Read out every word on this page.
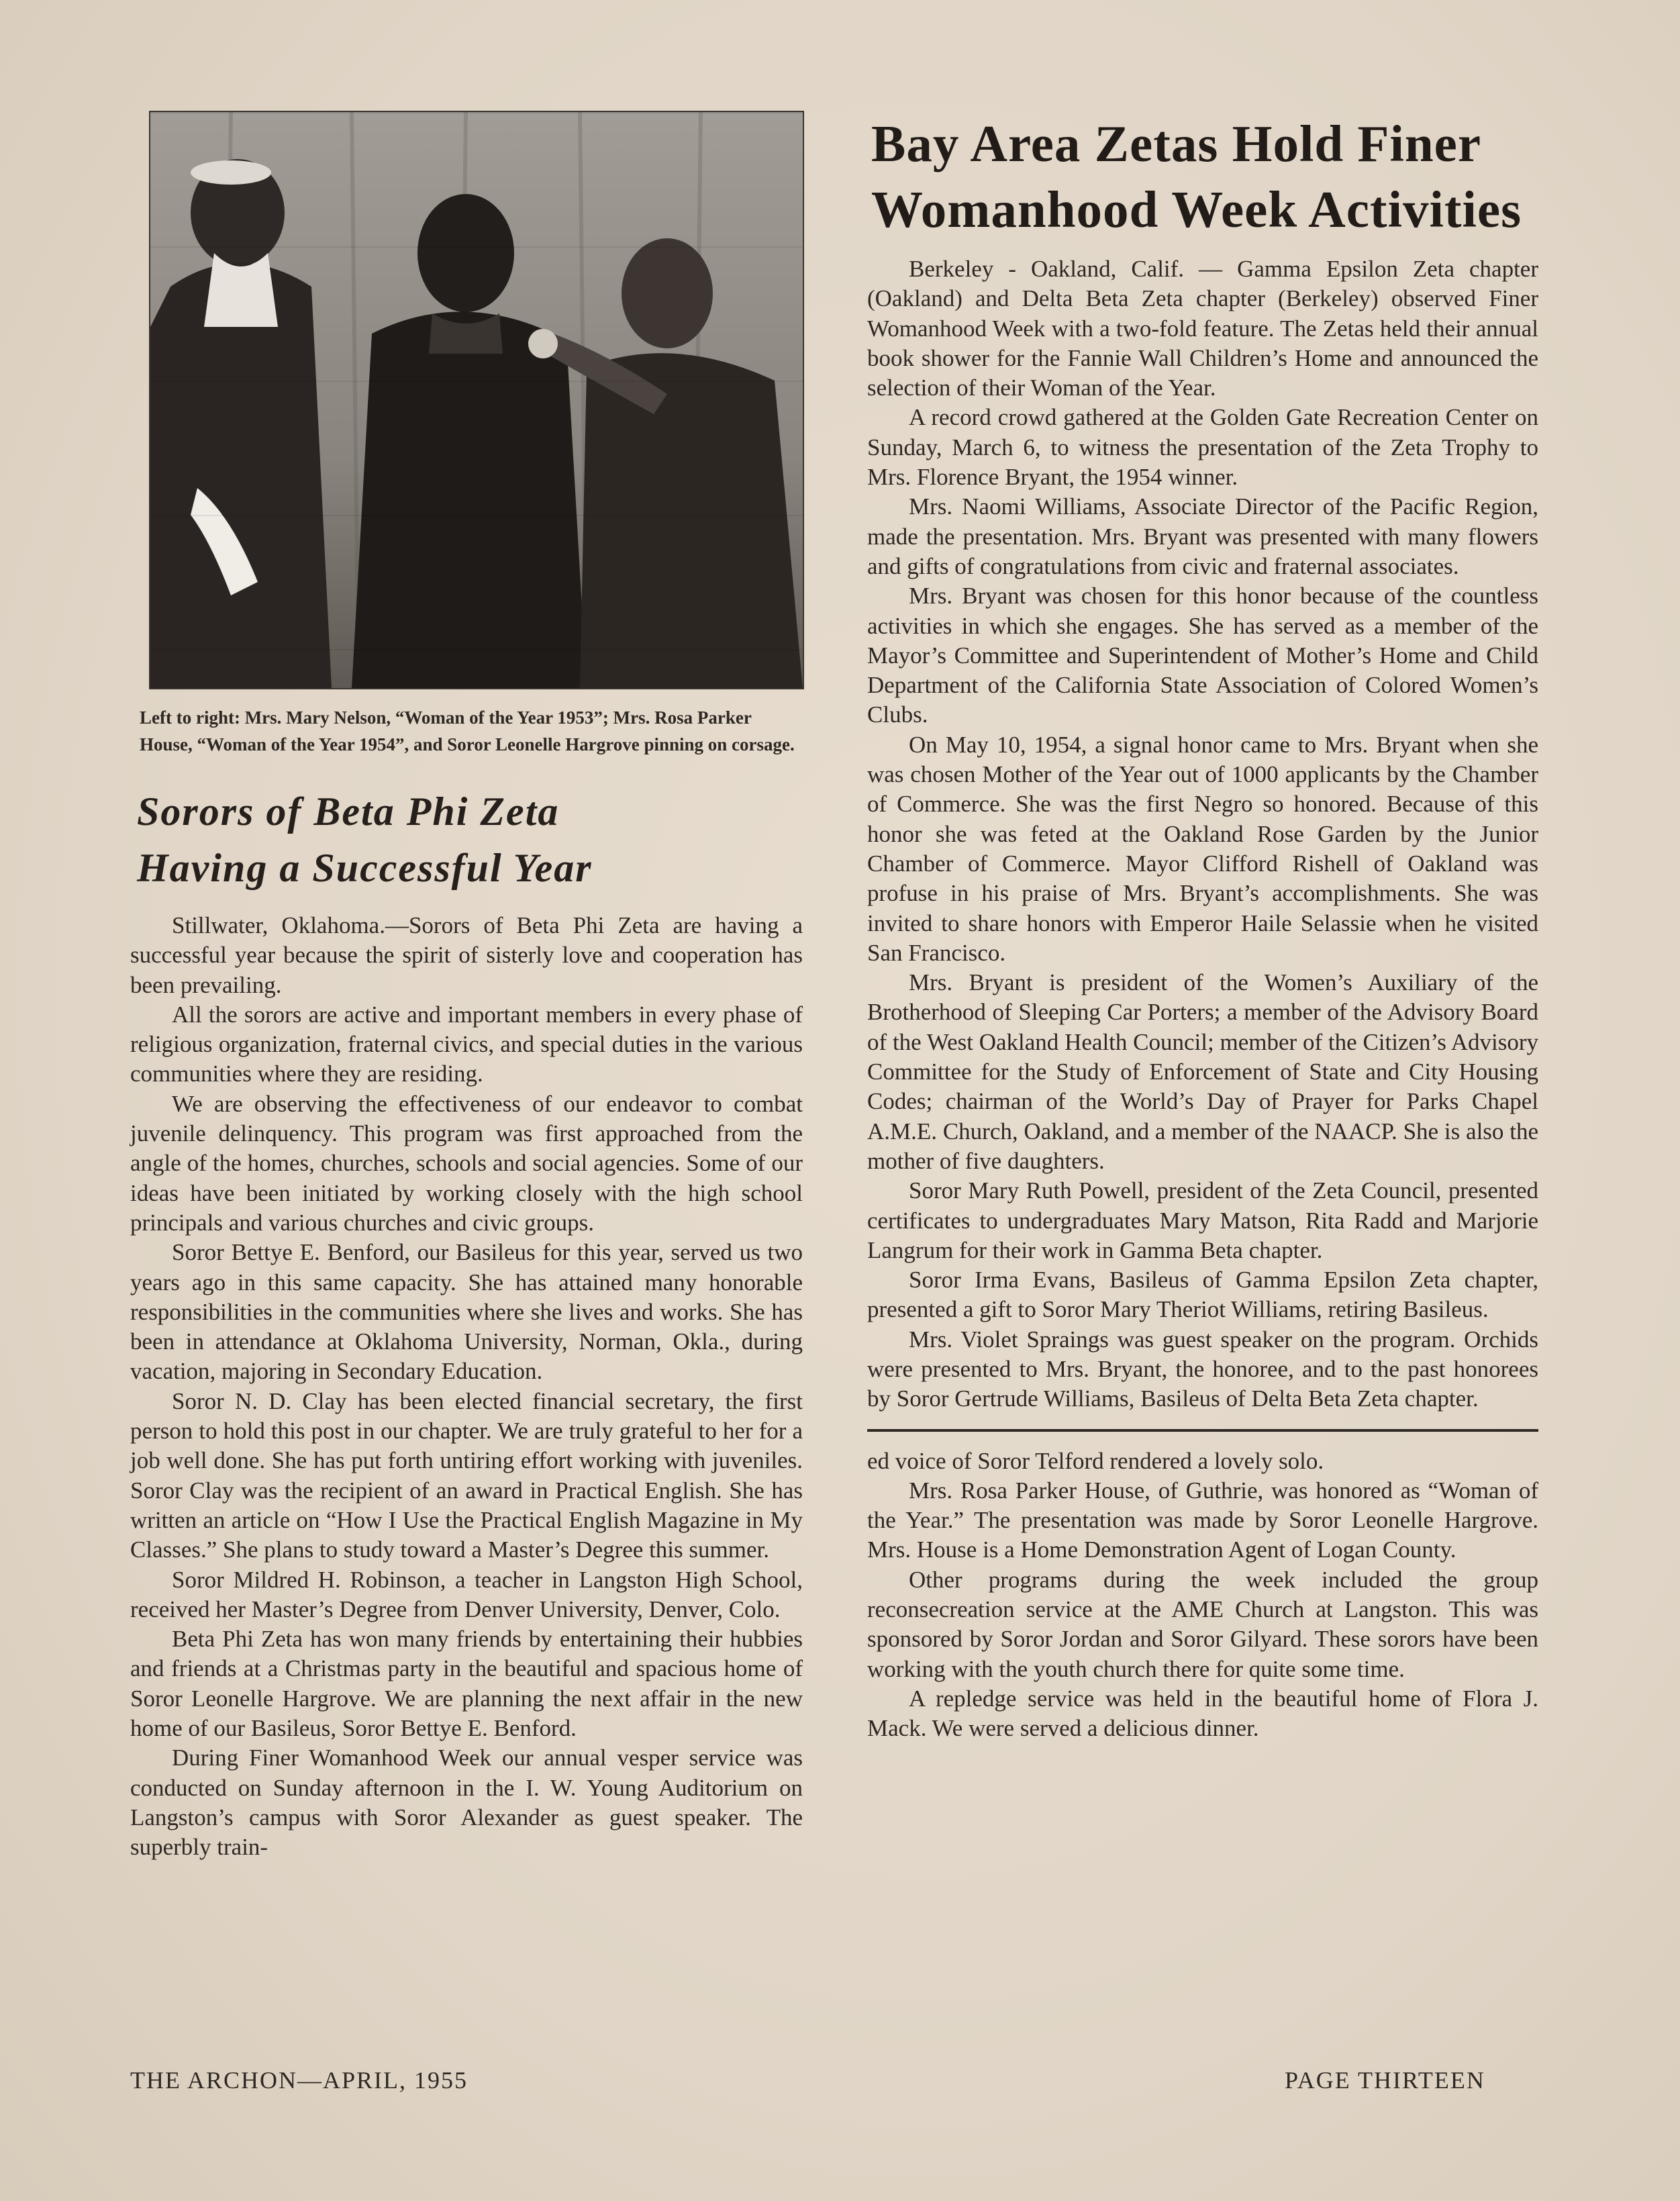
Left to right: Mrs. Mary Nelson, “Woman of the Year 1953”; Mrs. Rosa Parker House, “Woman of the Year 1954”, and Soror Leonelle Hargrove pinning on corsage.
Sorors of Beta Phi Zeta
Having a Successful Year

Stillwater, Oklahoma.—Sorors of Beta Phi Zeta are having a successful year because the spirit of sisterly love and cooperation has been prevailing.

All the sorors are active and important members in every phase of religious organization, fraternal civics, and special duties in the various communities where they are residing.

We are observing the effectiveness of our endeavor to combat juvenile delinquency. This program was first approached from the angle of the homes, churches, schools and social agencies. Some of our ideas have been initiated by working closely with the high school principals and various churches and civic groups.

Soror Bettye E. Benford, our Basileus for this year, served us two years ago in this same capacity. She has attained many honorable responsibilities in the communities where she lives and works. She has been in attendance at Oklahoma University, Norman, Okla., during vacation, majoring in Secondary Education.

Soror N. D. Clay has been elected financial secretary, the first person to hold this post in our chapter. We are truly grateful to her for a job well done. She has put forth untiring effort working with juveniles. Soror Clay was the recipient of an award in Practical English. She has written an article on “How I Use the Practical English Magazine in My Classes.” She plans to study toward a Master’s Degree this summer.

Soror Mildred H. Robinson, a teacher in Langston High School, received her Master’s Degree from Denver University, Denver, Colo.

Beta Phi Zeta has won many friends by entertaining their hubbies and friends at a Christmas party in the beautiful and spacious home of Soror Leonelle Hargrove. We are planning the next affair in the new home of our Basileus, Soror Bettye E. Benford.

During Finer Womanhood Week our annual vesper service was conducted on Sunday afternoon in the I. W. Young Auditorium on Langston’s campus with Soror Alexander as guest speaker. The superbly train-

Bay Area Zetas Hold Finer
Womanhood Week Activities

Berkeley - Oakland, Calif. — Gamma Epsilon Zeta chapter (Oakland) and Delta Beta Zeta chapter (Berkeley) observed Finer Womanhood Week with a two-fold feature. The Zetas held their annual book shower for the Fannie Wall Children’s Home and announced the selection of their Woman of the Year.

A record crowd gathered at the Golden Gate Recreation Center on Sunday, March 6, to witness the presentation of the Zeta Trophy to Mrs. Florence Bryant, the 1954 winner.

Mrs. Naomi Williams, Associate Director of the Pacific Region, made the presentation. Mrs. Bryant was presented with many flowers and gifts of congratulations from civic and fraternal associates.

Mrs. Bryant was chosen for this honor because of the countless activities in which she engages. She has served as a member of the Mayor’s Committee and Superintendent of Mother’s Home and Child Department of the California State Association of Colored Women’s Clubs.

On May 10, 1954, a signal honor came to Mrs. Bryant when she was chosen Mother of the Year out of 1000 applicants by the Chamber of Commerce. She was the first Negro so honored. Because of this honor she was feted at the Oakland Rose Garden by the Junior Chamber of Commerce. Mayor Clifford Rishell of Oakland was profuse in his praise of Mrs. Bryant’s accomplishments. She was invited to share honors with Emperor Haile Selassie when he visited San Francisco.

Mrs. Bryant is president of the Women’s Auxiliary of the Brotherhood of Sleeping Car Porters; a member of the Advisory Board of the West Oakland Health Council; member of the Citizen’s Advisory Committee for the Study of Enforcement of State and City Housing Codes; chairman of the World’s Day of Prayer for Parks Chapel A.M.E. Church, Oakland, and a member of the NAACP. She is also the mother of five daughters.

Soror Mary Ruth Powell, president of the Zeta Council, presented certificates to undergraduates Mary Matson, Rita Radd and Marjorie Langrum for their work in Gamma Beta chapter.

Soror Irma Evans, Basileus of Gamma Epsilon Zeta chapter, presented a gift to Soror Mary Theriot Williams, retiring Basileus.

Mrs. Violet Spraings was guest speaker on the program. Orchids were presented to Mrs. Bryant, the honoree, and to the past honorees by Soror Gertrude Williams, Basileus of Delta Beta Zeta chapter.

ed voice of Soror Telford rendered a lovely solo.

Mrs. Rosa Parker House, of Guthrie, was honored as “Woman of the Year.” The presentation was made by Soror Leonelle Hargrove. Mrs. House is a Home Demonstration Agent of Logan County.

Other programs during the week included the group reconsecreation service at the AME Church at Langston. This was sponsored by Soror Jordan and Soror Gilyard. These sorors have been working with the youth church there for quite some time.

A repledge service was held in the beautiful home of Flora J. Mack. We were served a delicious dinner.

THE ARCHON—APRIL, 1955	PAGE THIRTEEN
